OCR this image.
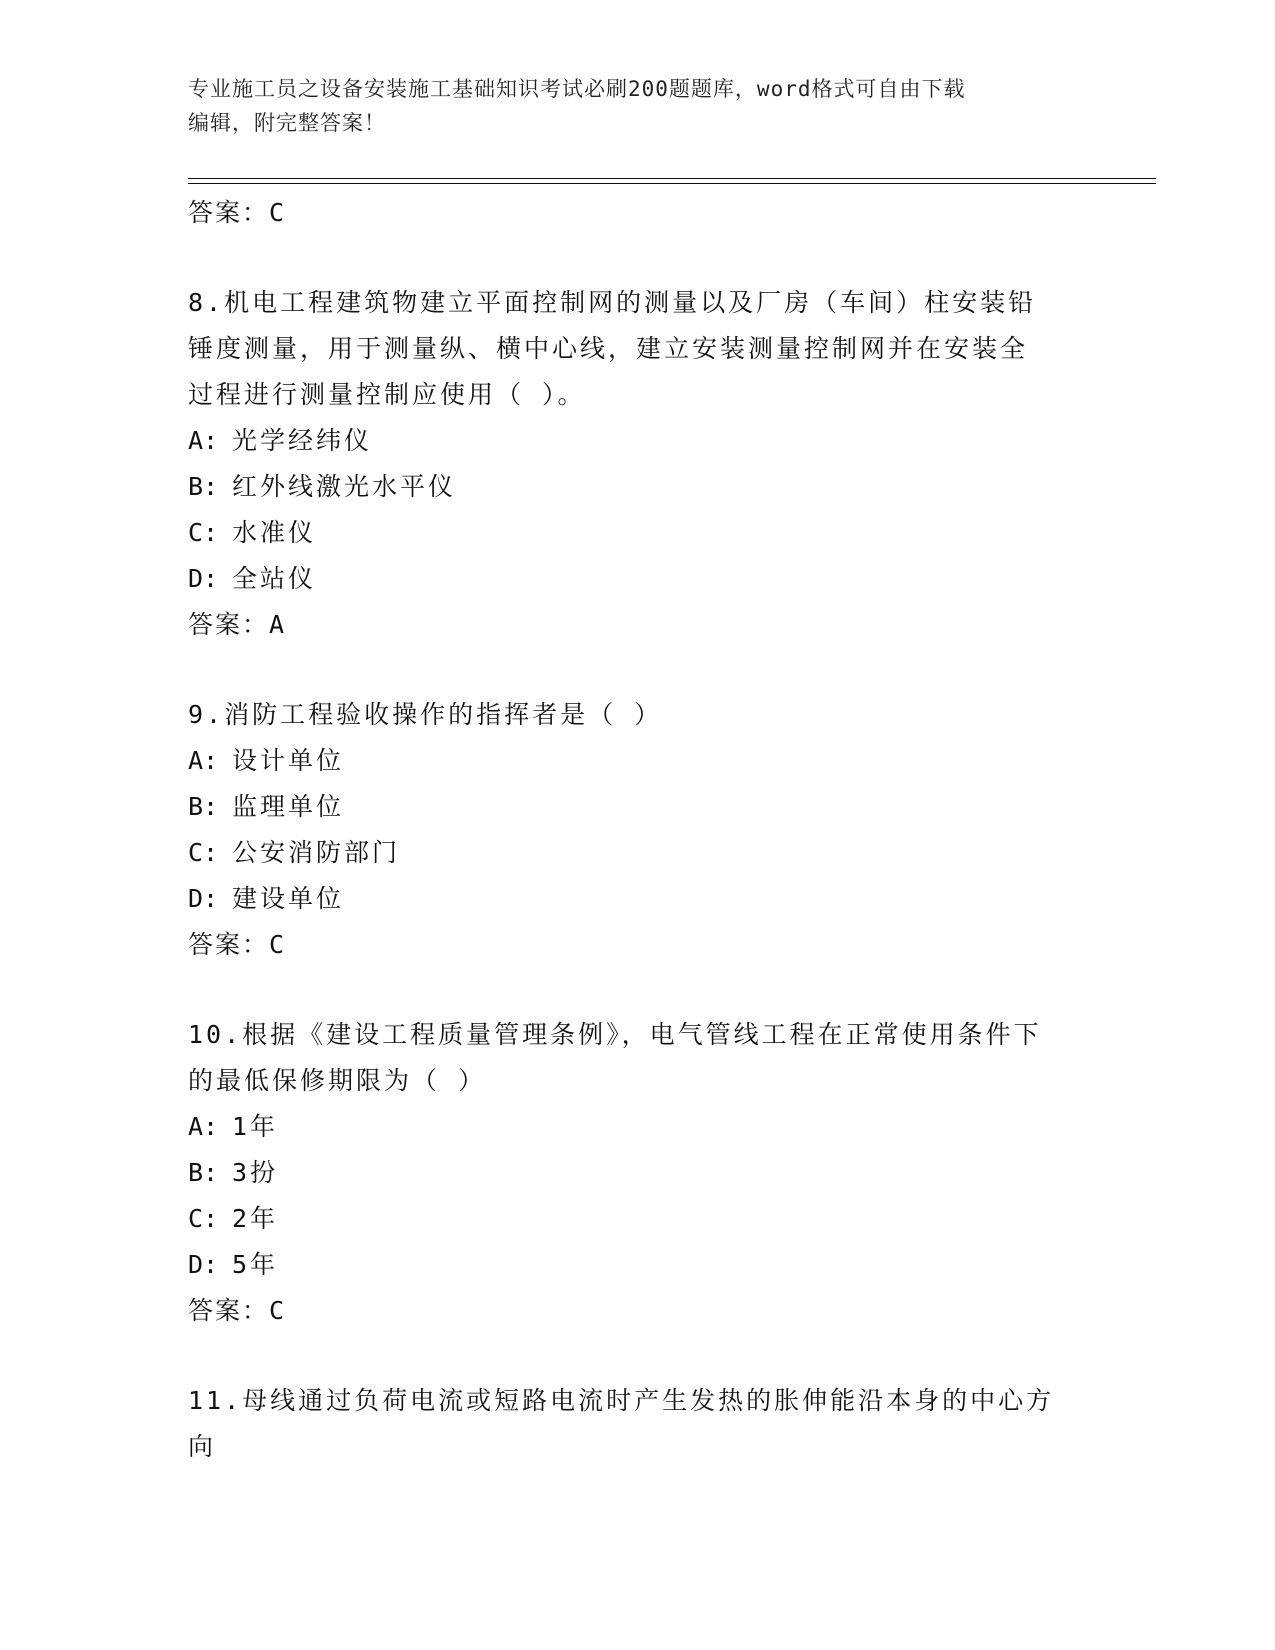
专业施工员之设备安装施工基础知识考试必刷200题题库，word格式可自由下载
编辑，附完整答案！
答案：C
8.机电工程建筑物建立平面控制网的测量以及厂房（车间）柱安装铅
锤度测量，用于测量纵、横中心线，建立安装测量控制网并在安装全
过程进行测量控制应使用（ ）。
A: 光学经纬仪
B: 红外线激光水平仪
C: 水准仪
D: 全站仪
答案：A
9.消防工程验收操作的指挥者是（ ）
A: 设计单位
B: 监理单位
C: 公安消防部门
D: 建设单位
答案：C
10.根据《建设工程质量管理条例》，电气管线工程在正常使用条件下
的最低保修期限为（ ）
A: 1年
B: 3扮
C: 2年
D: 5年
答案：C
11.母线通过负荷电流或短路电流时产生发热的胀伸能沿本身的中心方
向
